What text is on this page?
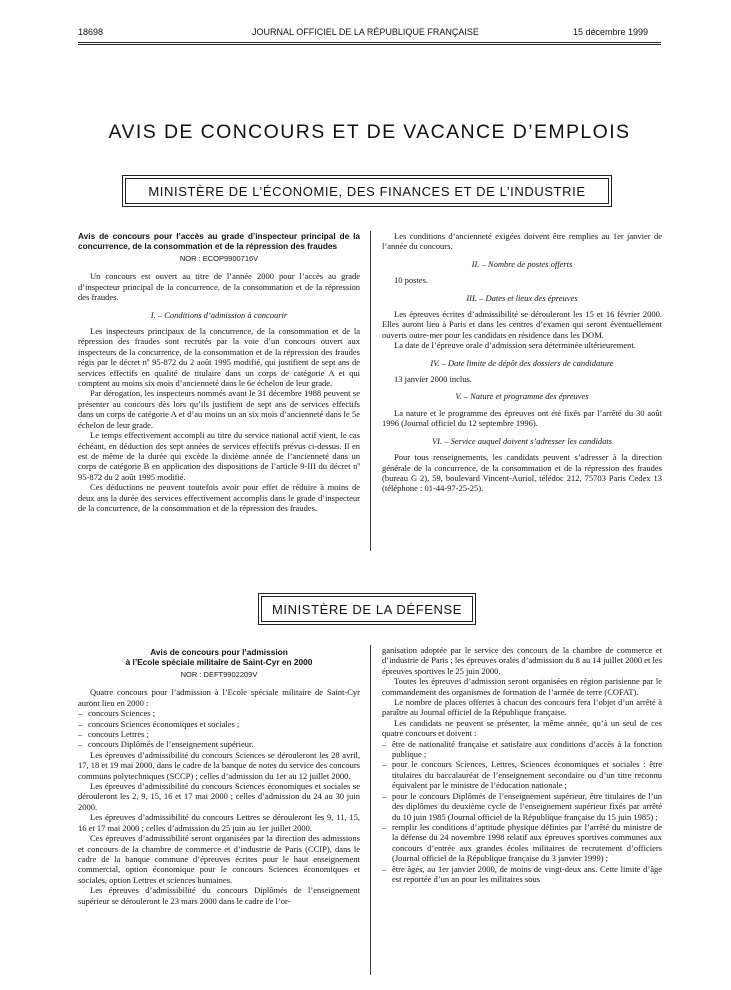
18698	JOURNAL OFFICIEL DE LA RÉPUBLIQUE FRANÇAISE	15 décembre 1999
AVIS DE CONCOURS ET DE VACANCE D’EMPLOIS
MINISTÈRE DE L’ÉCONOMIE, DES FINANCES ET DE L’INDUSTRIE

Avis de concours pour l’accès au grade d’inspecteur principal de la concurrence, de la consommation et de la répression des fraudes

NOR : ECOP9900716V

Un concours est ouvert au titre de l’année 2000 pour l’accès au grade d’inspecteur principal de la concurrence, de la consommation et de la répression des fraudes.

I. – Conditions d’admission à concourir

Les inspecteurs principaux de la concurrence, de la consommation et de la répression des fraudes sont recrutés par la voie d’un concours ouvert aux inspecteurs de la concurrence, de la consommation et de la répression des fraudes régis par le décret nº 95-872 du 2 août 1995 modifié, qui justifient de sept ans de services effectifs en qualité de titulaire dans un corps de catégorie A et qui comptent au moins six mois d’ancienneté dans le 6e échelon de leur grade.

Par dérogation, les inspecteurs nommés avant le 31 décembre 1988 peuvent se présenter au concours dès lors qu’ils justifient de sept ans de services effectifs dans un corps de catégorie A et d’au moins un an six mois d’ancienneté dans le 5e échelon de leur grade.

Le temps effectivement accompli au titre du service national actif vient, le cas échéant, en déduction des sept années de services effectifs prévus ci-dessus. Il en est de même de la durée qui excède la dixième année de l’ancienneté dans un corps de catégorie B en application des dispositions de l’article 9-III du décret nº 95-872 du 2 août 1995 modifié.

Ces déductions ne peuvent toutefois avoir pour effet de réduire à moins de deux ans la durée des services effectivement accomplis dans le grade d’inspecteur de la concurrence, de la consommation et de la répression des fraudes.

Les conditions d’ancienneté exigées doivent être remplies au 1er janvier de l’année du concours.

II. – Nombre de postes offerts

10 postes.

III. – Dates et lieux des épreuves

Les épreuves écrites d’admissibilité se dérouleront les 15 et 16 février 2000. Elles auront lieu à Paris et dans les centres d’examen qui seront éventuellement ouverts outre-mer pour les candidats en résidence dans les DOM.

La date de l’épreuve orale d’admission sera déterminée ultérieurement.

IV. – Date limite de dépôt des dossiers de candidature

13 janvier 2000 inclus.

V. – Nature et programme des épreuves

La nature et le programme des épreuves ont été fixés par l’arrêté du 30 août 1996 (Journal officiel du 12 septembre 1996).

VI. – Service auquel doivent s’adresser les candidats

Pour tous renseignements, les candidats peuvent s’adresser à la direction générale de la concurrence, de la consommation et de la répression des fraudes (bureau G 2), 59, boulevard Vincent-Auriol, télédoc 212, 75703 Paris Cedex 13 (téléphone : 01-44-97-25-25).

MINISTÈRE DE LA DÉFENSE

Avis de concours pour l’admission

à l’Ecole spéciale militaire de Saint-Cyr en 2000

NOR : DEFT9902209V

Quatre concours pour l’admission à l’Ecole spéciale militaire de Saint-Cyr auront lieu en 2000 :

– concours Sciences ;

– concours Sciences économiques et sociales ;

– concours Lettres ;

– concours Diplômés de l’enseignement supérieur.

Les épreuves d’admissibilité du concours Sciences se dérouleront les 28 avril, 17, 18 et 19 mai 2000, dans le cadre de la banque de notes du service des concours communs polytechniques (SCCP) ; celles d’admission du 1er au 12 juillet 2000.

Les épreuves d’admissibilité du concours Sciences économiques et sociales se dérouleront les 2, 9, 15, 16 et 17 mai 2000 ; celles d’admission du 24 au 30 juin 2000.

Les épreuves d’admissibilité du concours Lettres se dérouleront les 9, 11, 15, 16 et 17 mai 2000 ; celles d’admission du 25 juin au 1er juillet 2000.

Ces épreuves d’admissibilité seront organisées par la direction des admissions et concours de la chambre de commerce et d’industrie de Paris (CCIP), dans le cadre de la banque commune d’épreuves écrites pour le haut enseignement commercial, option économique pour le concours Sciences économiques et sociales, option Lettres et sciences humaines.

Les épreuves d’admissibilité du concours Diplômés de l’enseignement supérieur se dérouleront le 23 mars 2000 dans le cadre de l’or-

ganisation adoptée par le service des concours de la chambre de commerce et d’industrie de Paris ; les épreuves orales d’admission du 8 au 14 juillet 2000 et les épreuves sportives le 25 juin 2000.

Toutes les épreuves d’admission seront organisées en région parisienne par le commandement des organismes de formation de l’armée de terre (COFAT).

Le nombre de places offertes à chacun des concours fera l’objet d’un arrêté à paraître au Journal officiel de la République française.

Les candidats ne peuvent se présenter, la même année, qu’à un seul de ces quatre concours et doivent :

– être de nationalité française et satisfaire aux conditions d’accès à la fonction publique ;

– pour le concours Sciences, Lettres, Sciences économiques et sociales : être titulaires du baccalauréat de l’enseignement secondaire ou d’un titre reconnu équivalent par le ministre de l’éducation nationale ;

– pour le concours Diplômés de l’enseignement supérieur, être titulaires de l’un des diplômes du deuxième cycle de l’enseignement supérieur fixés par arrêté du 10 juin 1985 (Journal officiel de la République française du 15 juin 1985) ;

– remplir les conditions d’aptitude physique définies par l’arrêté du ministre de la défense du 24 novembre 1998 relatif aux épreuves sportives communes aux concours d’entrée aux grandes écoles militaires de recrutement d’officiers (Journal officiel de la République française du 3 janvier 1999) ;

– être âgés, au 1er janvier 2000, de moins de vingt-deux ans. Cette limite d’âge est reportée d’un an pour les militaires sous
